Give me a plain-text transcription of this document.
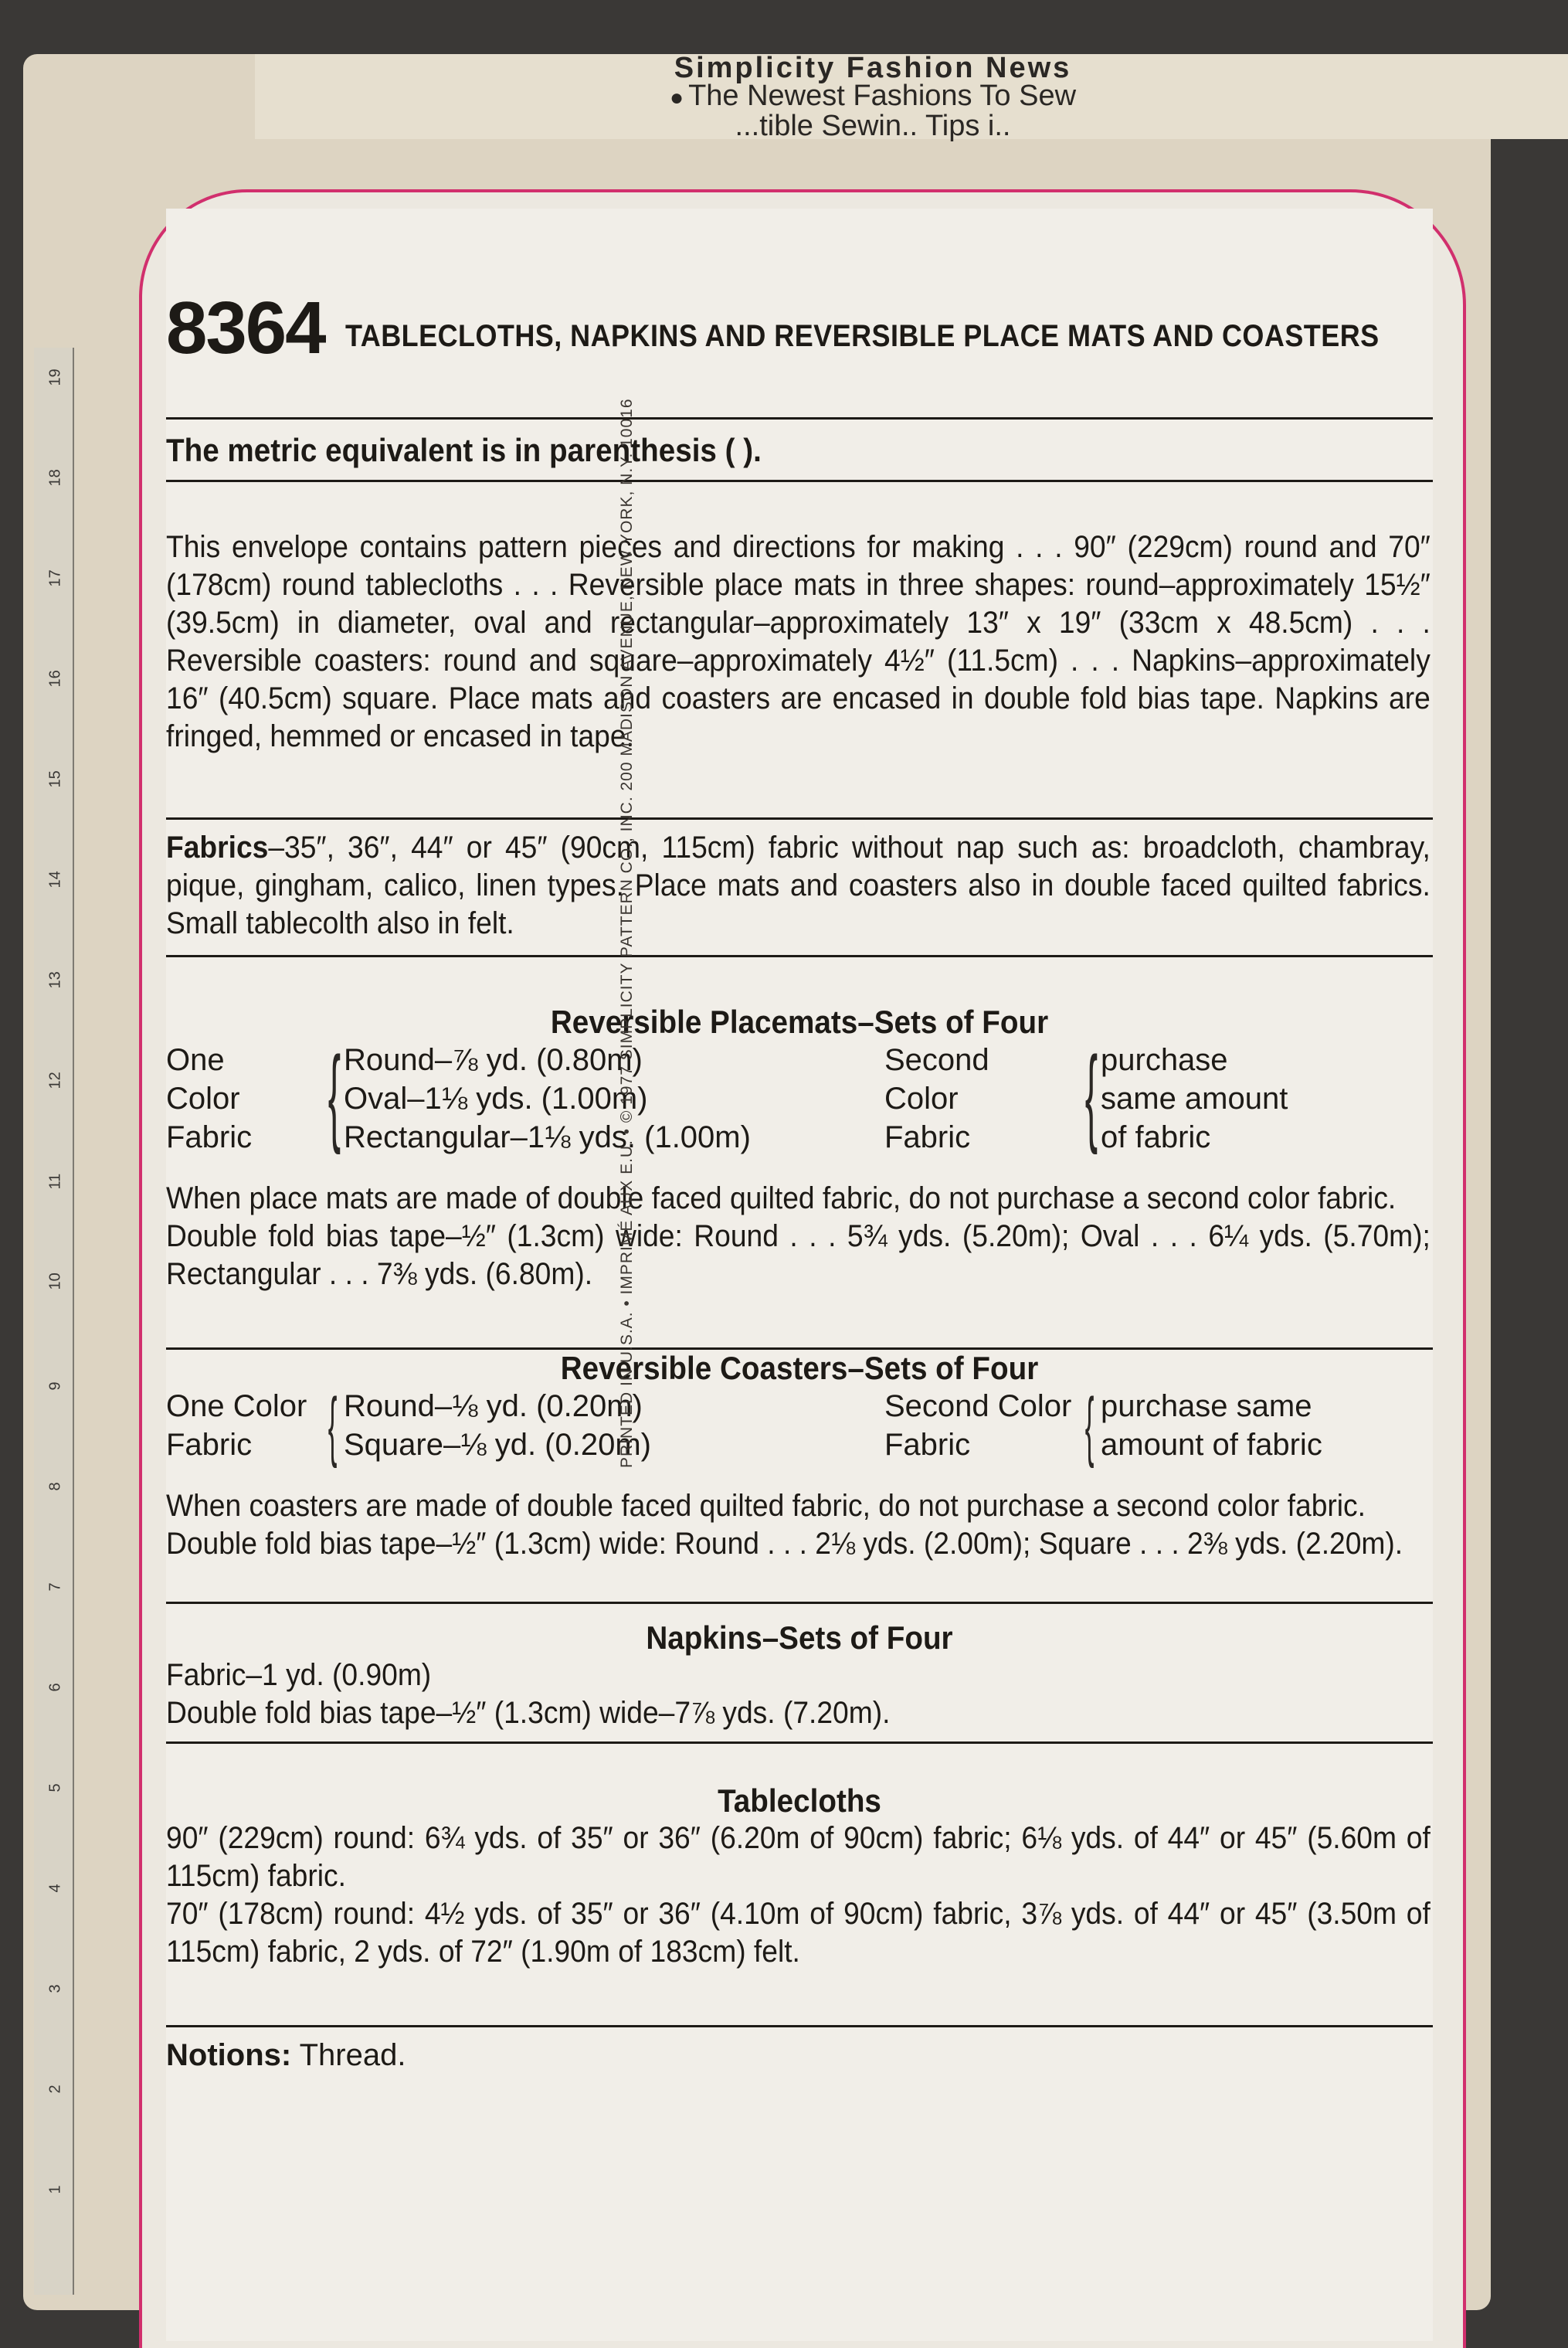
Simplicity Fashion News
● The Newest Fashions To Sew
...tible Sewin.. Tips i..
19
18
17
16
15
14
13
12
11
10
9
8
7
6
5
4
3
2
1
8364 TABLECLOTHS, NAPKINS AND REVERSIBLE PLACE MATS AND COASTERS
The metric equivalent is in parenthesis ( ).
This envelope contains pattern pieces and directions for making . . . 90″ (229cm) round and 70″ (178cm) round tablecloths . . . Reversible place mats in three shapes: round–approximately 15½″ (39.5cm) in diameter, oval and rectangular–approximately 13″ x 19″ (33cm x 48.5cm) . . . Reversible coasters: round and square–approximately 4½″ (11.5cm) . . . Napkins–approximately 16″ (40.5cm) square. Place mats and coasters are encased in double fold bias tape. Napkins are fringed, hemmed or encased in tape.
Fabrics–35″, 36″, 44″ or 45″ (90cm, 115cm) fabric without nap such as: broadcloth, chambray, pique, gingham, calico, linen types. Place mats and coasters also in double faced quilted fabrics. Small tablecolth also in felt.
Reversible Placemats–Sets of Four
One
Color
Fabric { Round–⅞ yd. (0.80m)
Oval–1⅛ yds. (1.00m)
Rectangular–1⅛ yds. (1.00m)
Second
Color
Fabric	{ purchase
same amount
of fabric
When place mats are made of double faced quilted fabric, do not purchase a second color fabric.
Double fold bias tape–½″ (1.3cm) wide: Round . . . 5¾ yds. (5.20m); Oval . . . 6¼ yds. (5.70m); Rectangular . . . 7⅜ yds. (6.80m).
Reversible Coasters–Sets of Four
One Color
Fabric { Round–⅛ yd. (0.20m)
Square–⅛ yd. (0.20m)
Second Color
Fabric	{ purchase same
amount of fabric
When coasters are made of double faced quilted fabric, do not purchase a second color fabric.
Double fold bias tape–½″ (1.3cm) wide: Round . . . 2⅛ yds. (2.00m); Square . . . 2⅜ yds. (2.20m).
Napkins–Sets of Four
Fabric–1 yd. (0.90m)
Double fold bias tape–½″ (1.3cm) wide–7⅞ yds. (7.20m).
Tablecloths
90″ (229cm) round: 6¾ yds. of 35″ or 36″ (6.20m of 90cm) fabric; 6⅛ yds. of 44″ or 45″ (5.60m of 115cm) fabric.
70″ (178cm) round: 4½ yds. of 35″ or 36″ (4.10m of 90cm) fabric, 3⅞ yds. of 44″ or 45″ (3.50m of 115cm) fabric, 2 yds. of 72″ (1.90m of 183cm) felt.
Notions: Thread.
PRINTED IN U.S.A. • IMPRIMÉ AUX E.U. • © 1977 SIMPLICITY PATTERN CO., INC. 200 MADISON AVENUE, NEW YORK, N.Y. 10016
